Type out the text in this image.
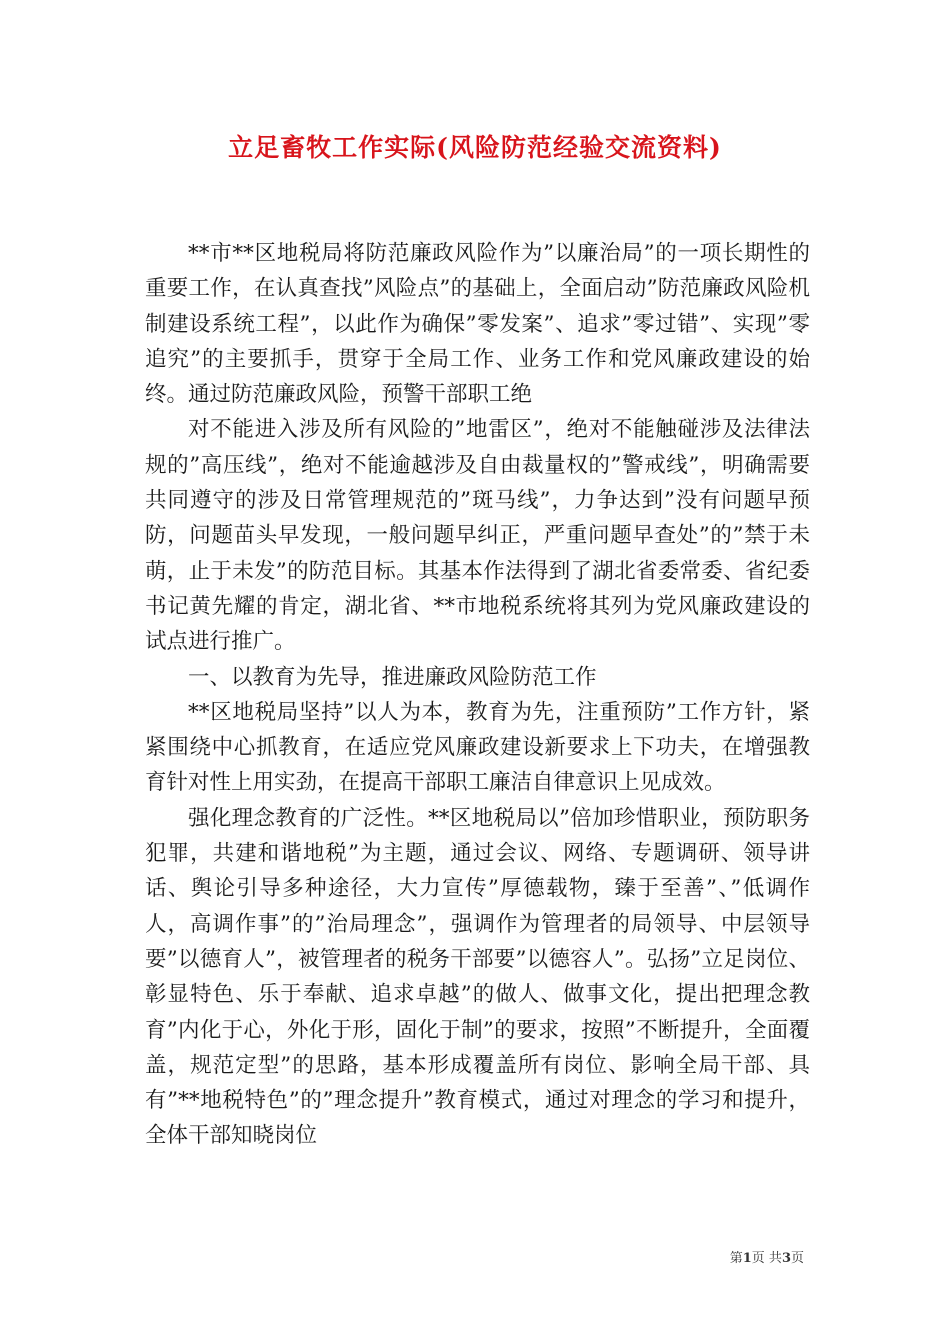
立足畜牧工作实际(风险防范经验交流资料)

**市**区地税局将防范廉政风险作为”以廉治局”的一项长期性的重要工作，在认真查找”风险点”的基础上，全面启动”防范廉政风险机制建设系统工程”，以此作为确保”零发案”、追求”零过错”、实现”零追究”的主要抓手，贯穿于全局工作、业务工作和党风廉政建设的始终。通过防范廉政风险，预警干部职工绝

对不能进入涉及所有风险的”地雷区”，绝对不能触碰涉及法律法规的”高压线”，绝对不能逾越涉及自由裁量权的”警戒线”，明确需要共同遵守的涉及日常管理规范的”斑马线”，力争达到”没有问题早预防，问题苗头早发现，一般问题早纠正，严重问题早查处”的”禁于未萌，止于未发”的防范目标。其基本作法得到了湖北省委常委、省纪委书记黄先耀的肯定，湖北省、**市地税系统将其列为党风廉政建设的试点进行推广。

一、以教育为先导，推进廉政风险防范工作

**区地税局坚持”以人为本，教育为先，注重预防”工作方针，紧紧围绕中心抓教育，在适应党风廉政建设新要求上下功夫，在增强教育针对性上用实劲，在提高干部职工廉洁自律意识上见成效。

强化理念教育的广泛性。**区地税局以”倍加珍惜职业，预防职务犯罪，共建和谐地税”为主题，通过会议、网络、专题调研、领导讲话、舆论引导多种途径，大力宣传”厚德载物，臻于至善”、”低调作人，高调作事”的”治局理念”，强调作为管理者的局领导、中层领导要”以德育人”，被管理者的税务干部要”以德容人”。弘扬”立足岗位、彰显特色、乐于奉献、追求卓越”的做人、做事文化，提出把理念教育”内化于心，外化于形，固化于制”的要求，按照”不断提升，全面覆盖，规范定型”的思路，基本形成覆盖所有岗位、影响全局干部、具有”**地税特色”的”理念提升”教育模式，通过对理念的学习和提升，全体干部知晓岗位

第1页 共3页
